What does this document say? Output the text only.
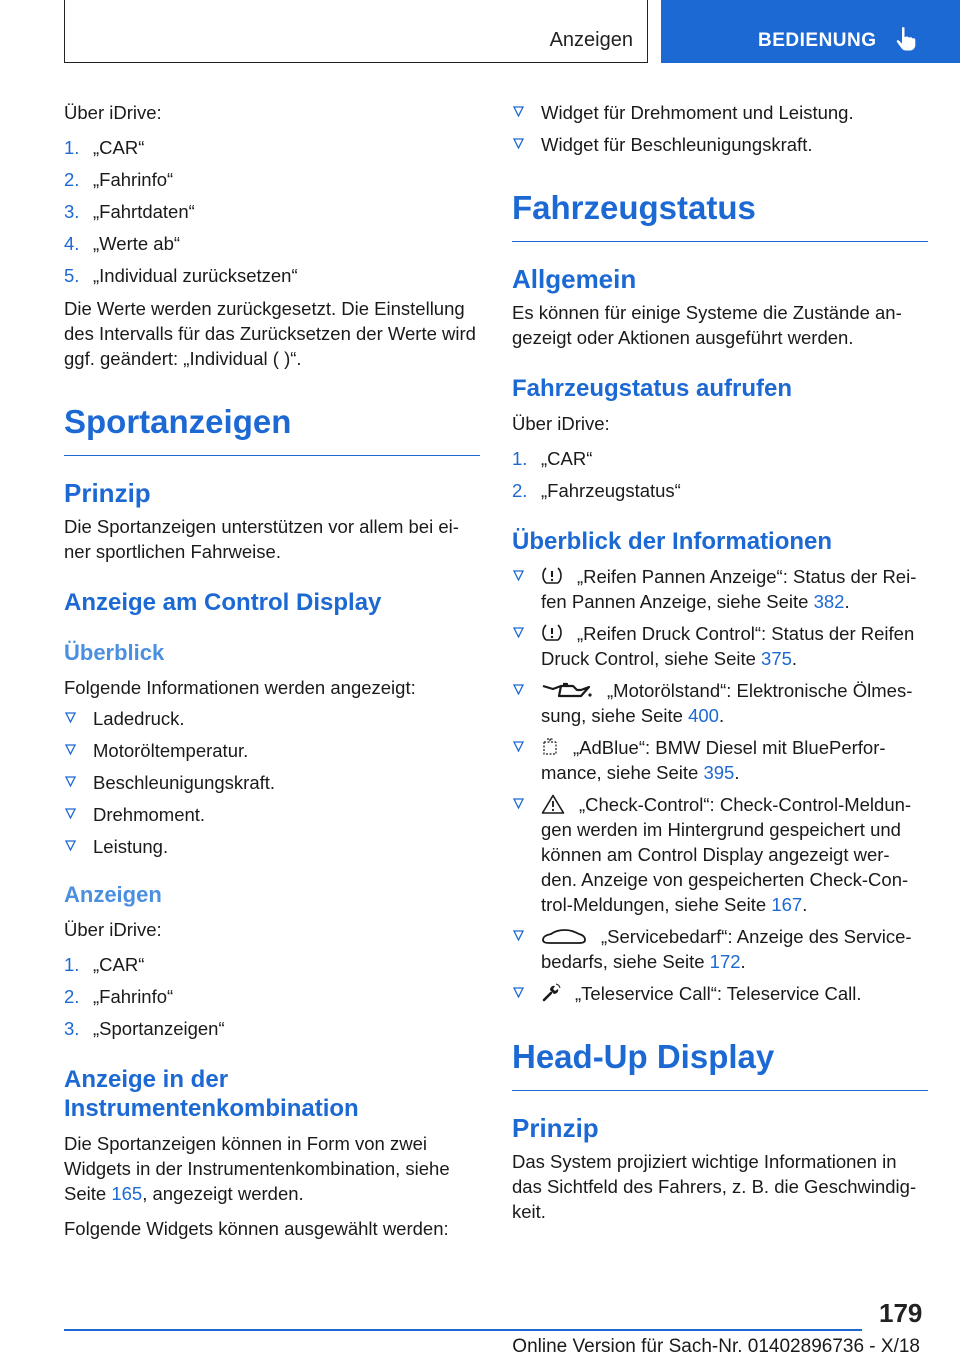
Anzeigen	BEDIENUNG

Über iDrive:

1. „CAR“
2. „Fahrinfo“
3. „Fahrtdaten“
4. „Werte ab“
5. „Individual zurücksetzen“

Die Werte werden zurückgesetzt. Die Einstellung des Intervalls für das Zurücksetzen der Werte wird ggf. geändert: „Individual ( )“.

Sportanzeigen
Prinzip

Die Sportanzeigen unterstützen vor allem bei ei- ner sportlichen Fahrweise.

Anzeige am Control Display
Überblick

Folgende Informationen werden angezeigt:

Ladedruck.
Motoröltemperatur.
Beschleunigungskraft.
Drehmoment.
Leistung.
Anzeigen

Über iDrive:

1. „CAR“
2. „Fahrinfo“
3. „Sportanzeigen“
Anzeige in der Instrumentenkombination

Die Sportanzeigen können in Form von zwei Widgets in der Instrumentenkombination, siehe Seite 165, angezeigt werden.

Folgende Widgets können ausgewählt werden:

Widget für Drehmoment und Leistung.
Widget für Beschleunigungskraft.
Fahrzeugstatus
Allgemein

Es können für einige Systeme die Zustände an- gezeigt oder Aktionen ausgeführt werden.

Fahrzeugstatus aufrufen

Über iDrive:

1. „CAR“
2. „Fahrzeugstatus“
Überblick der Informationen
„Reifen Pannen Anzeige“: Status der Rei- fen Pannen Anzeige, siehe Seite 382.
„Reifen Druck Control“: Status der Reifen Druck Control, siehe Seite 375.
„Motorölstand“: Elektronische Ölmes- sung, siehe Seite 400.
„AdBlue“: BMW Diesel mit BluePerfor- mance, siehe Seite 395.
„Check-Control“: Check-Control-Meldun- gen werden im Hintergrund gespeichert und können am Control Display angezeigt wer- den. Anzeige von gespeicherten Check-Con- trol-Meldungen, siehe Seite 167.
„Servicebedarf“: Anzeige des Service- bedarfs, siehe Seite 172.
„Teleservice Call“: Teleservice Call.
Head-Up Display
Prinzip

Das System projiziert wichtige Informationen in das Sichtfeld des Fahrers, z. B. die Geschwindig- keit.

179
Online Version für Sach-Nr. 01402896736 - X/18
